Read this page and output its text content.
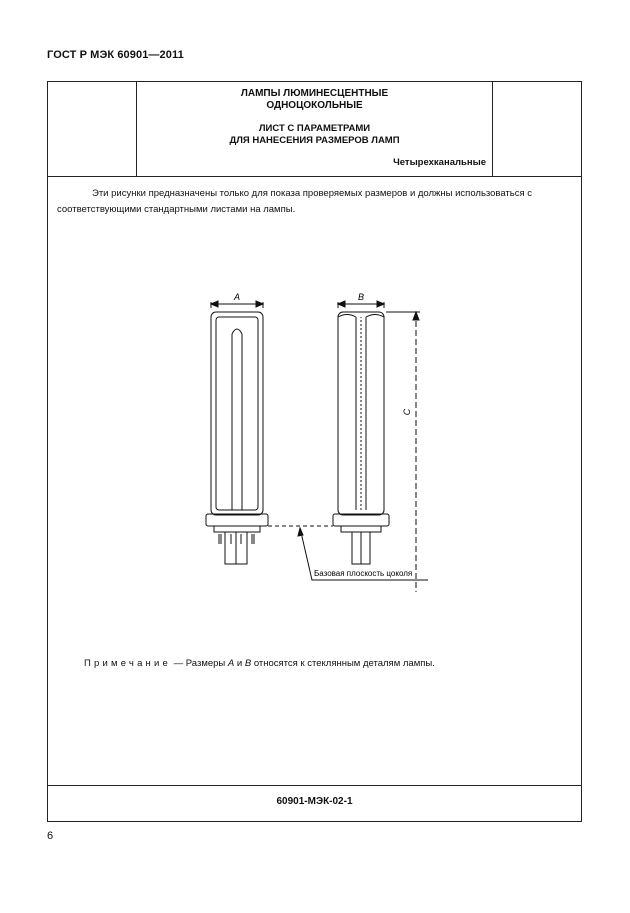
ГОСТ Р МЭК 60901—2011
ЛАМПЫ ЛЮМИНЕСЦЕНТНЫЕ
ОДНОЦОКОЛЬНЫЕ
ЛИСТ С ПАРАМЕТРАМИ
ДЛЯ НАНЕСЕНИЯ РАЗМЕРОВ ЛАМП
Четырехканальные

Эти рисунки предназначены только для показа проверяемых размеров и должны использоваться с соответствующими стандартными листами на лампы.

A	B
C
Базовая плоскость цоколя
Примечание — Размеры A и B относятся к стеклянным деталям лампы.
60901-МЭК-02-1
6
